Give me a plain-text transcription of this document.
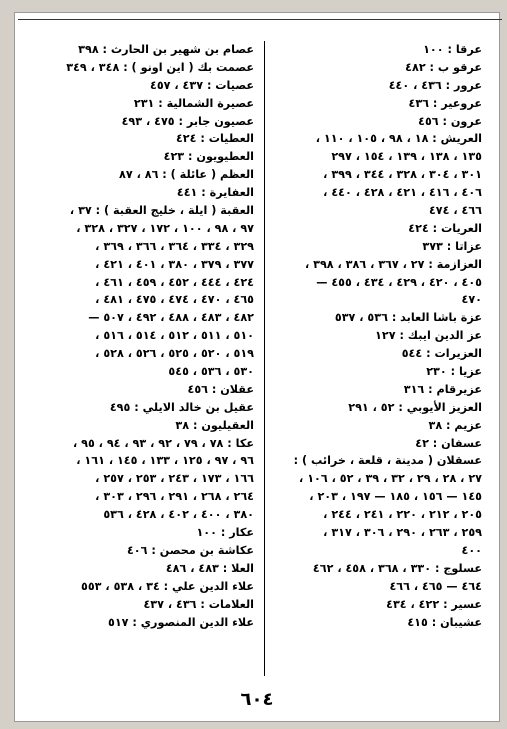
عرقا : ١٠٠
عرقو ب : ٤٨٢
عرور : ٤٣٦ ، ٤٤٠
عروعير : ٤٣٦
عرون : ٤٥٦
العريش : ١٨ ، ٩٨ ، ١٠٥ ، ١١٠ ،
١٣٥ ، ١٣٨ ، ١٣٩ ، ١٥٤ ، ٢٩٧
٣٠١ ، ٣٠٤ ، ٣٢٨ ، ٣٤٤ ، ٣٩٩ ،
٤٠٦ ، ٤١٦ ، ٤٢١ ، ٤٢٨ ، ٤٤٠ ،
٤٦٦ ، ٤٧٤
العريات : ٤٢٤
عزاتا : ٣٧٣
العزازمة : ٢٧ ، ٣٦٧ ، ٣٨٦ ، ٣٩٨ ،
٤٠٥ ، ٤٢٠ ، ٤٢٩ ، ٤٣٤ ، ٤٥٥ —
٤٧٠
عزة باشا العابد : ٥٣٦ ، ٥٣٧
عز الدين ايبك : ١٢٧
العزيرات : ٥٤٤
عزيا : ٢٣٠
عزيرقام : ٣١٦
العزيز الأيوبي : ٥٢ ، ٢٩١
عزيم : ٣٨
عسفان : ٤٢
عسقلان ( مدينة ، قلعة ، خرائب ) :
٢٧ ، ٢٨ ، ٢٩ ، ٣٢ ، ٣٩ ، ٥٢ ، ١٠٦ ،
١٤٥ — ١٥٦ ، ١٨٥ — ١٩٧ ، ٢٠٣ ،
٢٠٥ ، ٢١٢ ، ٢٢٠ ، ٢٤١ ، ٢٤٤ ،
٢٥٩ ، ٢٦٣ ، ٢٩٠ ، ٣٠٦ ، ٣١٧ ،
٤٠٠
عسلوج : ٣٣٠ ، ٣٦٨ ، ٤٥٨ ، ٤٦٢
٤٦٤ — ٤٦٥ ، ٤٦٦
عسير : ٤٢٢ ، ٤٣٤
عشيبان : ٤١٥
عصام بن شهير بن الحارث : ٣٩٨
عصمت بك ( اين اونو ) : ٣٤٨ ، ٣٤٩
عصيات : ٤٣٧ ، ٤٥٧
عصيرة الشمالية : ٢٣١
عصيون جابر : ٤٧٥ ، ٤٩٣
العطيات : ٤٢٤
العطيويون : ٤٢٣
العظم ( عائلة ) : ٨٦ ، ٨٧
العفايرة : ٤٤١
العقبة ( ايلة ، خليج العقبة ) : ٣٧ ،
٩٧ ، ٩٨ ، ١٠٠ ، ١٧٢ ، ٣٢٧ ، ٣٢٨ ،
٣٢٩ ، ٣٣٤ ، ٣٦٤ ، ٣٦٦ ، ٣٦٩ ،
٣٧٧ ، ٣٧٩ ، ٣٨٠ ، ٤٠١ ، ٤٢١ ،
٤٢٤ ، ٤٤٤ ، ٤٥٢ ، ٤٥٩ ، ٤٦١ ،
٤٦٥ ، ٤٧٠ ، ٤٧٤ ، ٤٧٥ ، ٤٨١ ،
٤٨٢ ، ٤٨٣ ، ٤٨٨ ، ٤٩٢ ، ٥٠٧ —
٥١٠ ، ٥١١ ، ٥١٢ ، ٥١٤ ، ٥١٦ ،
٥١٩ ، ٥٢٠ ، ٥٢٥ ، ٥٢٦ ، ٥٢٨ ،
٥٣٠ ، ٥٣٦ ، ٥٤٥
عقلان : ٤٥٦
عقيل بن خالد الايلي : ٤٩٥
العقيليون : ٣٨
عكا : ٧٨ ، ٧٩ ، ٩٢ ، ٩٣ ، ٩٤ ، ٩٥ ،
٩٦ ، ٩٧ ، ١٢٥ ، ١٣٣ ، ١٤٥ ، ١٦١ ،
١٦٦ ، ١٧٣ ، ٢٤٣ ، ٢٥٣ ، ٢٥٧ ،
٢٦٤ ، ٢٦٨ ، ٢٩١ ، ٢٩٦ ، ٣٠٣ ،
٣٨٠ ، ٤٠٠ ، ٤٠٢ ، ٤٢٨ ، ٥٣٦
عكار : ١٠٠
عكاشة بن محصن : ٤٠٦
العلا : ٤٨٣ ، ٤٨٦
علاء الدين علي : ٣٤ ، ٥٣٨ ، ٥٥٣
العلامات : ٤٣٦ ، ٤٣٧
علاء الدين المنصوري : ٥١٧
٦٠٤
